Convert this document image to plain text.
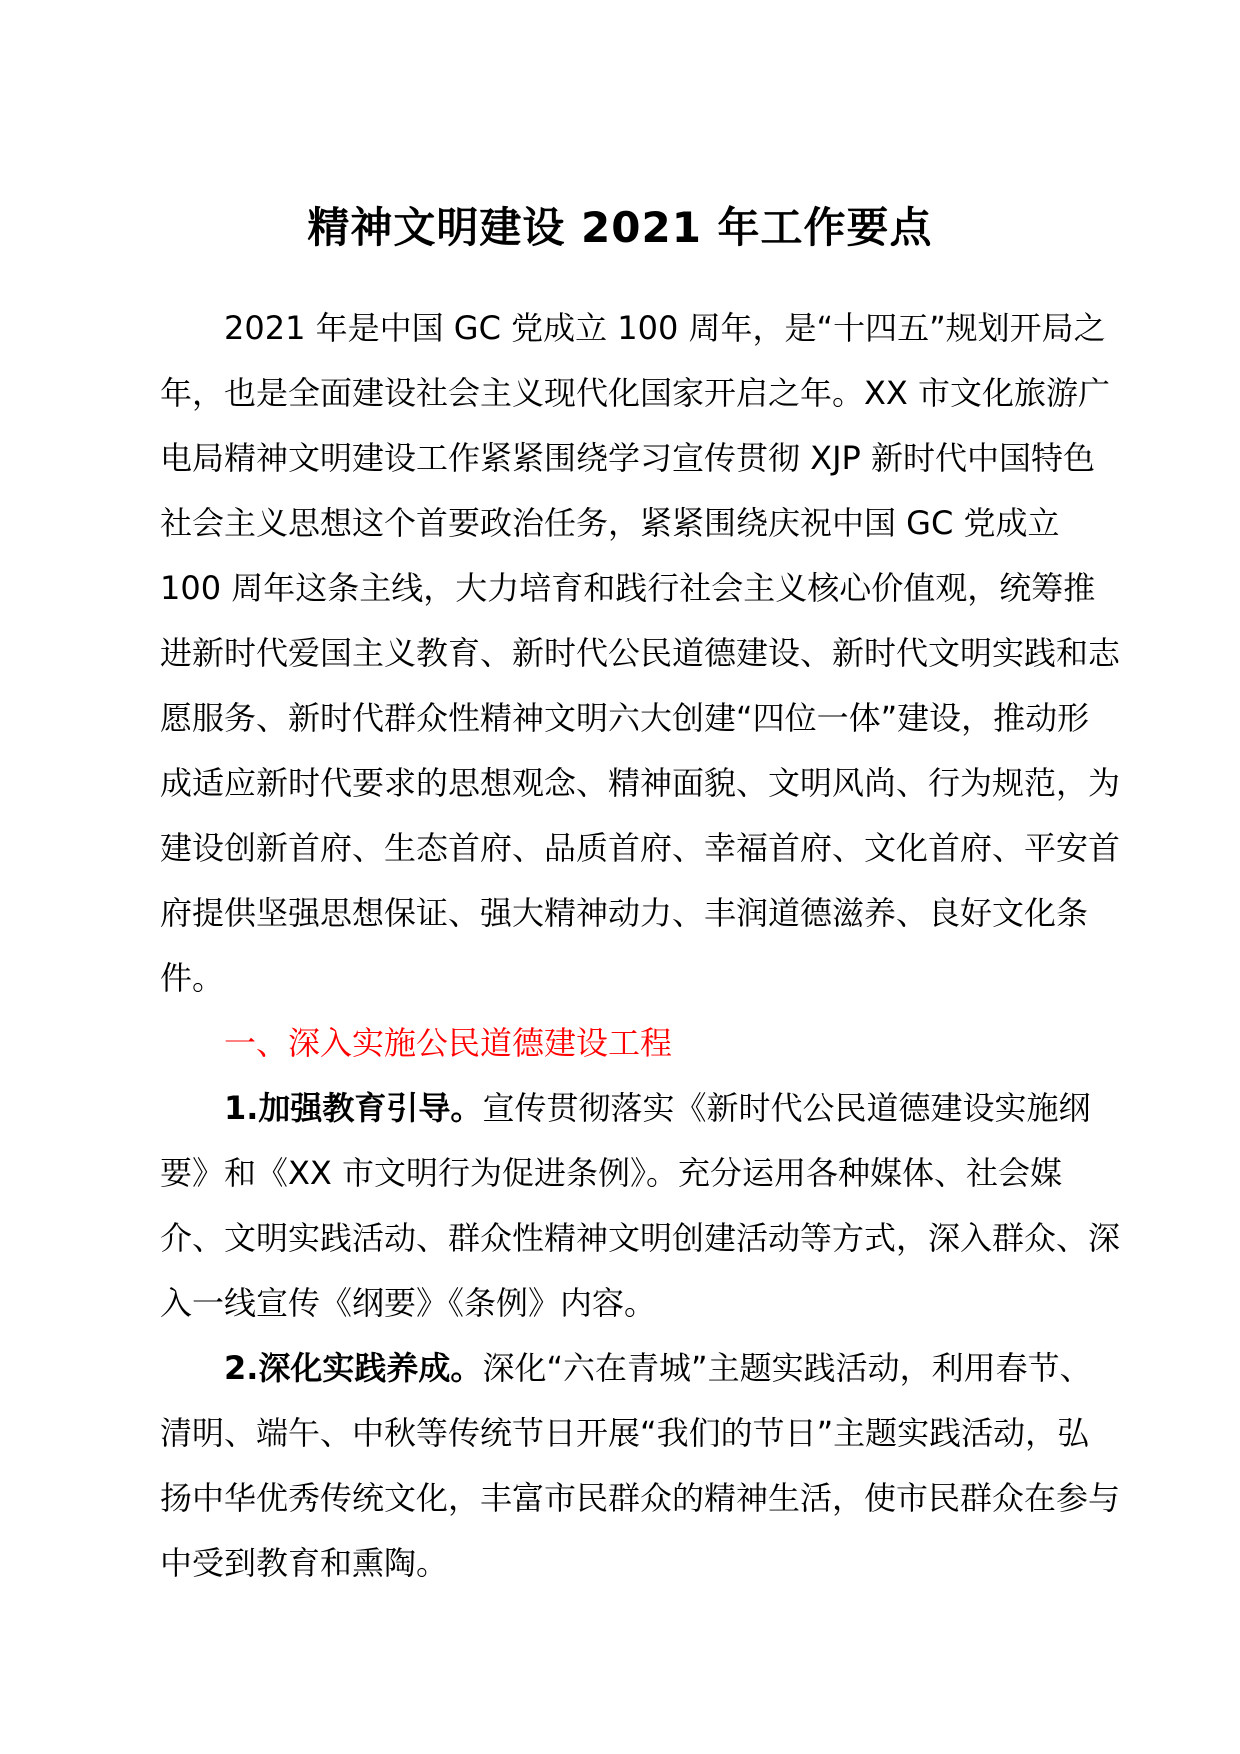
精神文明建设 2021 年工作要点

2021 年是中国 GC 党成立 100 周年，是“十四五”规划开局之年，也是全面建设社会主义现代化国家开启之年。XX 市文化旅游广电局精神文明建设工作紧紧围绕学习宣传贯彻 XJP 新时代中国特色社会主义思想这个首要政治任务，紧紧围绕庆祝中国 GC 党成立 100 周年这条主线，大力培育和践行社会主义核心价值观，统筹推进新时代爱国主义教育、新时代公民道德建设、新时代文明实践和志愿服务、新时代群众性精神文明六大创建“四位一体”建设，推动形成适应新时代要求的思想观念、精神面貌、文明风尚、行为规范，为建设创新首府、生态首府、品质首府、幸福首府、文化首府、平安首府提供坚强思想保证、强大精神动力、丰润道德滋养、良好文化条件。

一、深入实施公民道德建设工程

1.加强教育引导。宣传贯彻落实《新时代公民道德建设实施纲要》和《XX 市文明行为促进条例》。充分运用各种媒体、社会媒介、文明实践活动、群众性精神文明创建活动等方式，深入群众、深入一线宣传《纲要》《条例》内容。

2.深化实践养成。深化“六在青城”主题实践活动，利用春节、清明、端午、中秋等传统节日开展“我们的节日”主题实践活动，弘扬中华优秀传统文化，丰富市民群众的精神生活，使市民群众在参与中受到教育和熏陶。
